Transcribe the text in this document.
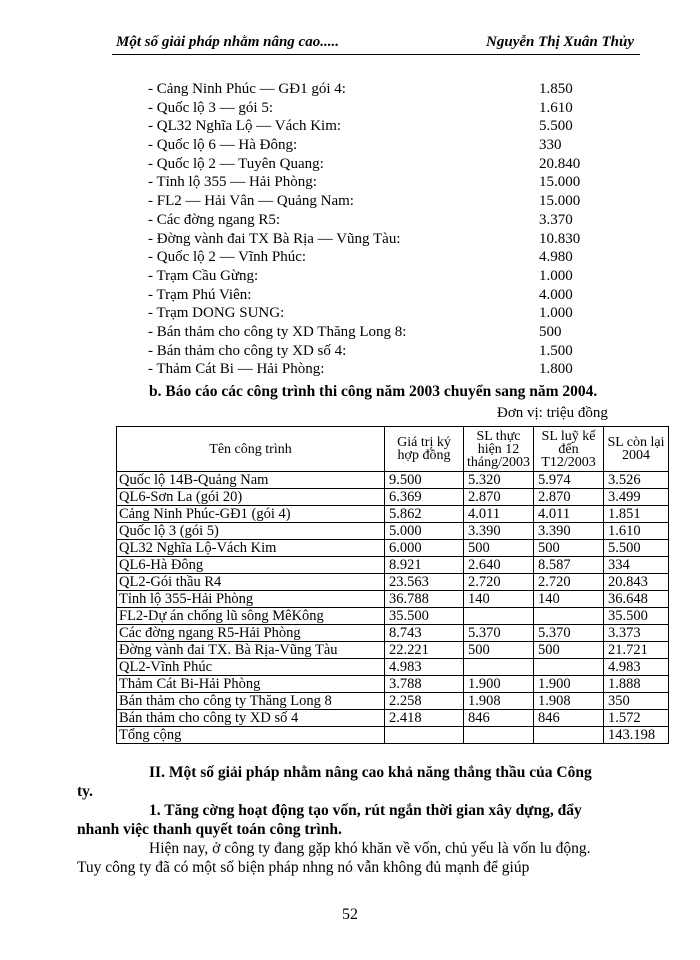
Một số giải pháp nhằm nâng cao.....	Nguyễn Thị Xuân Thủy
- Cảng Ninh Phúc — GĐ1 gói 4:	1.850
- Quốc lộ 3 — gói 5:	1.610
- QL32 Nghĩa Lộ — Vách Kim:	5.500
- Quốc lộ 6 — Hà Đông:	330
- Quốc lộ 2 — Tuyên Quang:	20.840
- Tỉnh lộ 355 — Hải Phòng:	15.000
- FL2 — Hải Vân — Quảng Nam:	15.000
- Các đờng ngang R5:	3.370
- Đờng vành đai TX Bà Rịa — Vũng Tàu:	10.830
- Quốc lộ 2 — Vĩnh Phúc:	4.980
- Trạm Cầu Gừng:	1.000
- Trạm Phú Viên:	4.000
- Trạm DONG SUNG:	1.000
- Bán thảm cho công ty XD Thăng Long 8:	500
- Bán thảm cho công ty XD số 4:	1.500
- Thảm Cát Bi — Hải Phòng:	1.800
b. Báo cáo các công trình thi công năm 2003 chuyển sang năm 2004.
Đơn vị: triệu đồng
Tên công trình	Giá trị ký hợp đồng	SL thực hiện 12 tháng/2003	SL luỹ kế đến T12/2003	SL còn lại 2004
Quốc lộ 14B-Quảng Nam	9.500	5.320	5.974	3.526
QL6-Sơn La (gói 20)	6.369	2.870	2.870	3.499
Cảng Ninh Phúc-GĐ1 (gói 4)	5.862	4.011	4.011	1.851
Quốc lộ 3 (gói 5)	5.000	3.390	3.390	1.610
QL32 Nghĩa Lộ-Vách Kim	6.000	500	500	5.500
QL6-Hà Đông	8.921	2.640	8.587	334
QL2-Gói thầu R4	23.563	2.720	2.720	20.843
Tỉnh lộ 355-Hải Phòng	36.788	140	140	36.648
FL2-Dự án chống lũ sông MêKông	35.500			35.500
Các đờng ngang R5-Hải Phòng	8.743	5.370	5.370	3.373
Đờng vành đai TX. Bà Rịa-Vũng Tàu	22.221	500	500	21.721
QL2-Vĩnh Phúc	4.983			4.983
Thảm Cát Bi-Hải Phòng	3.788	1.900	1.900	1.888
Bán thảm cho công ty Thăng Long 8	2.258	1.908	1.908	350
Bán thảm cho công ty XD số 4	2.418	846	846	1.572
Tổng cộng				143.198
II. Một số giải pháp nhằm nâng cao khả năng thắng thầu của Công
ty.
1. Tăng cờng hoạt động tạo vốn, rút ngắn thời gian xây dựng, đẩy
nhanh việc thanh quyết toán công trình.
Hiện nay, ở công ty đang gặp khó khăn về vốn, chủ yếu là vốn lu động.
Tuy công ty đã có một số biện pháp nhng nó vẫn không đủ mạnh để giúp
52
